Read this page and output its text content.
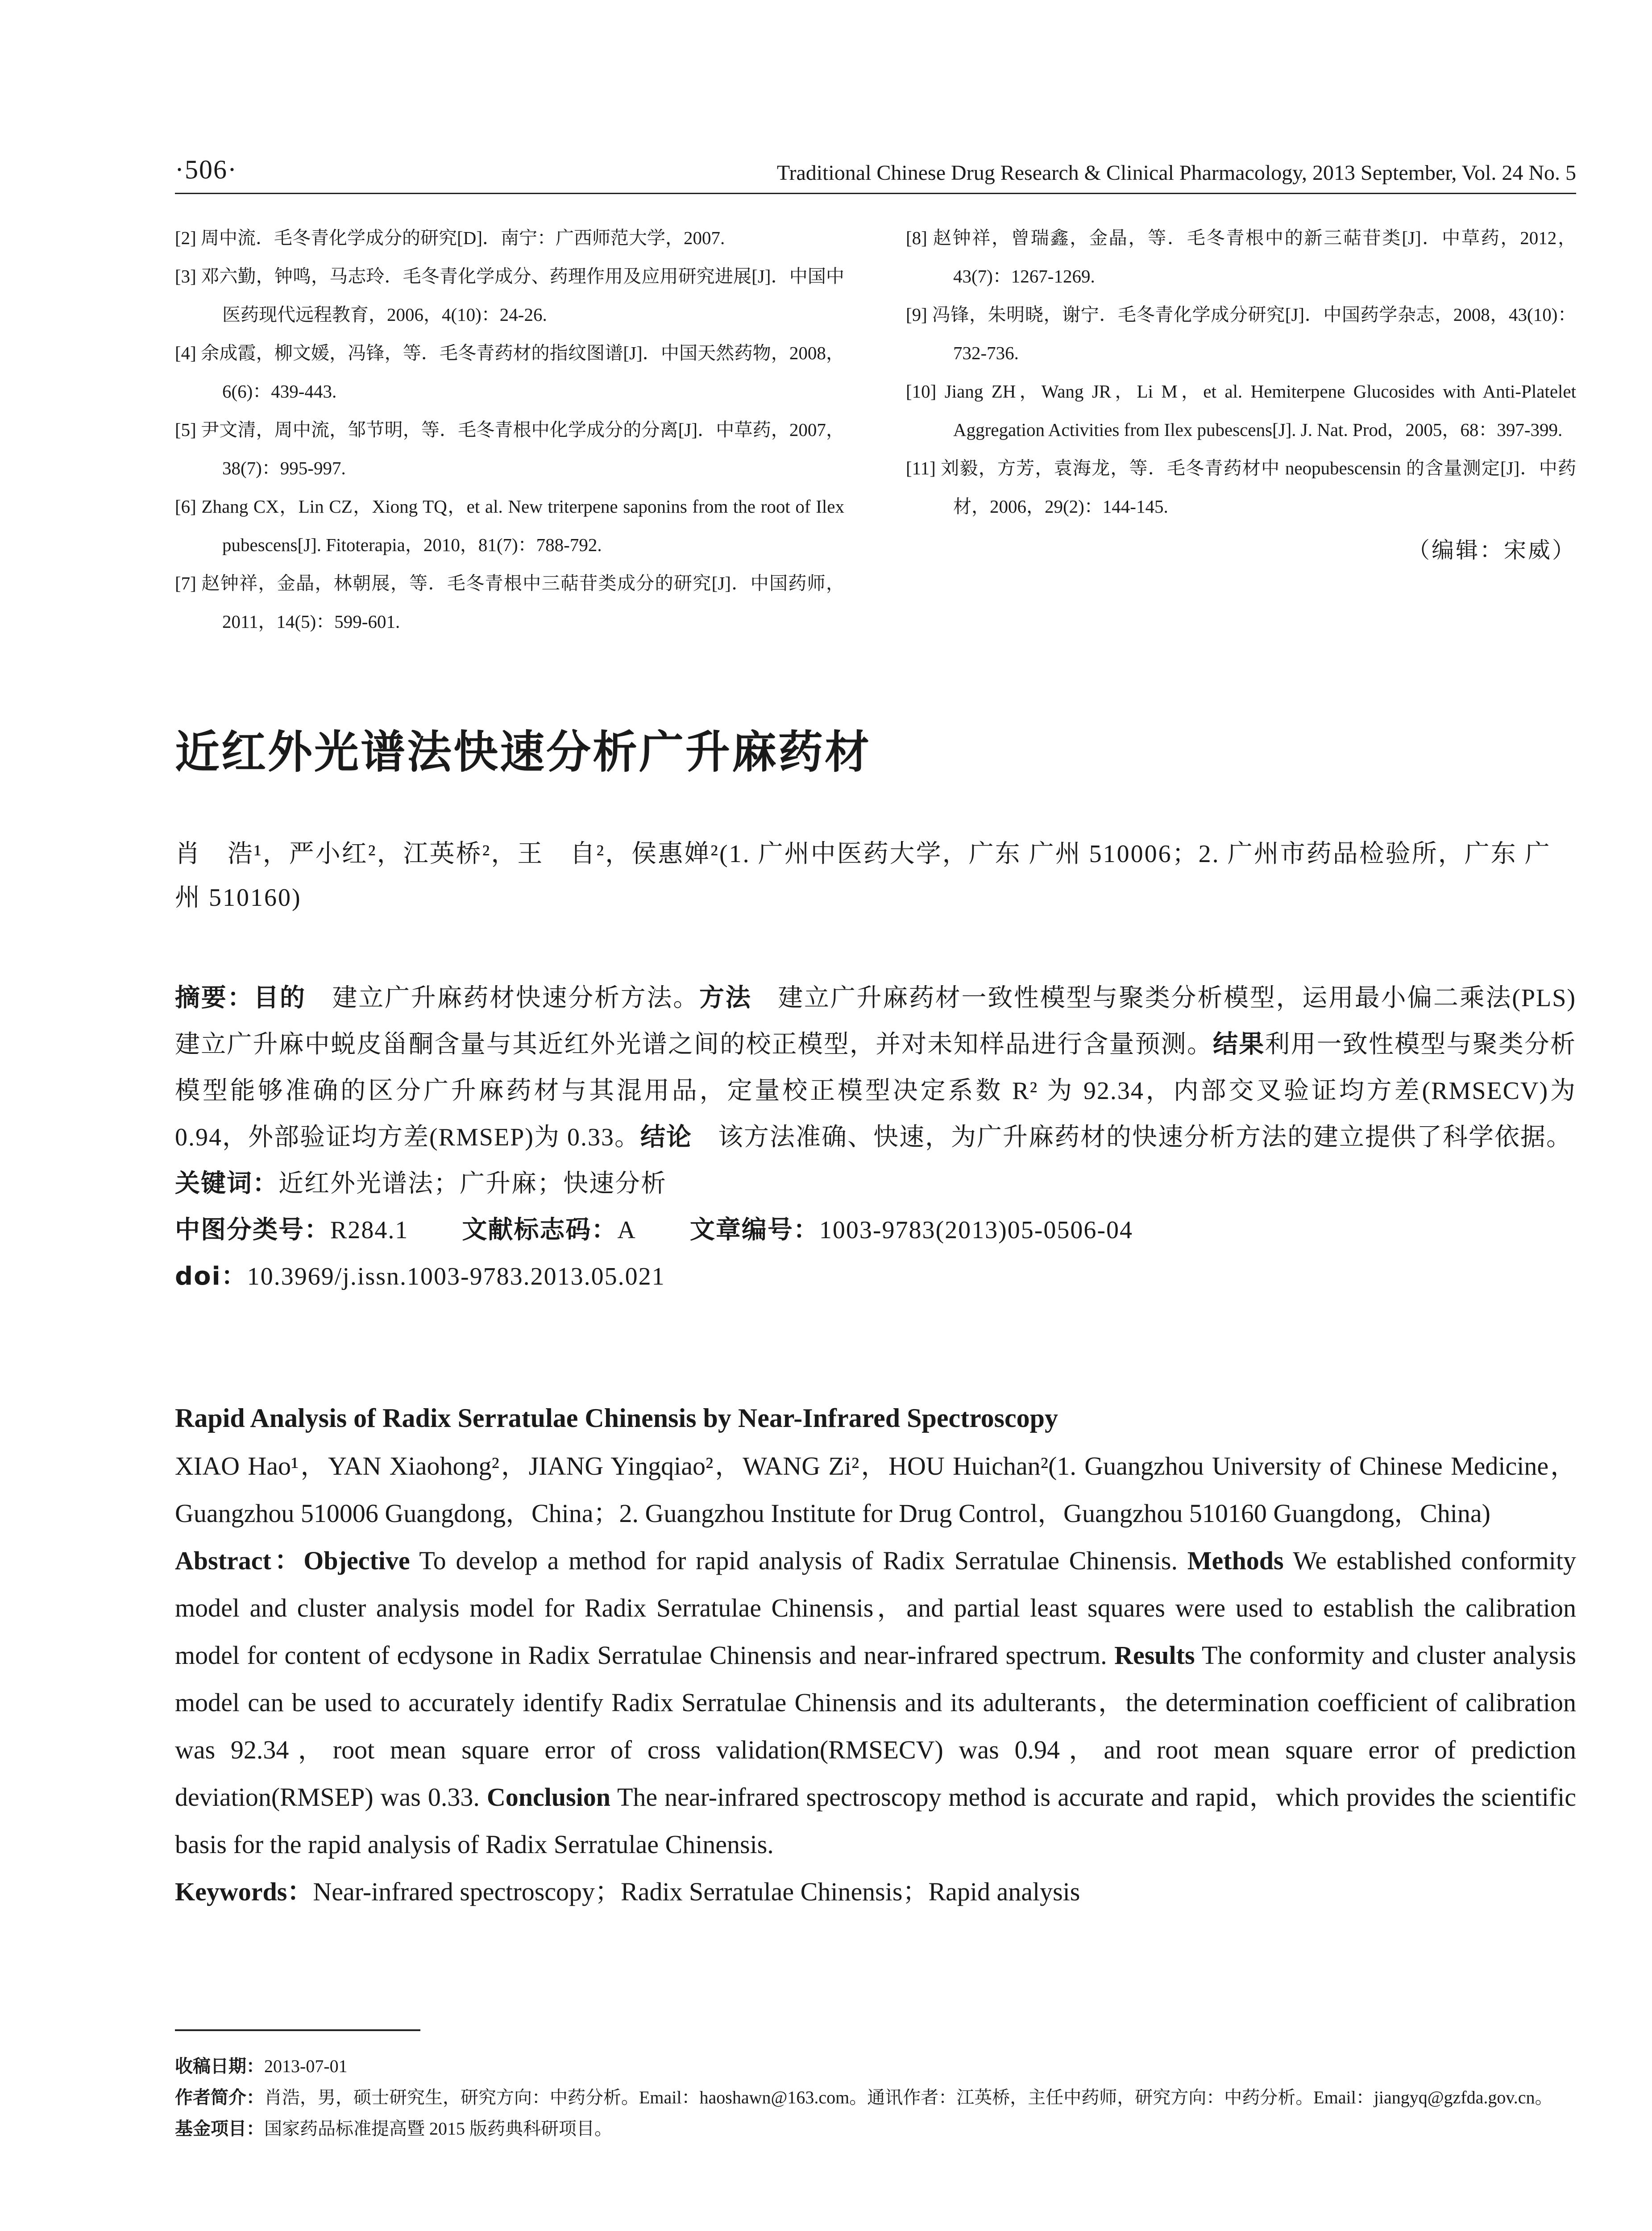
·506·	Traditional Chinese Drug Research & Clinical Pharmacology, 2013 September, Vol. 24 No. 5
[2] 周中流．毛冬青化学成分的研究[D]．南宁：广西师范大学，2007.
[3] 邓六勤，钟鸣，马志玲．毛冬青化学成分、药理作用及应用研究进展[J]．中国中医药现代远程教育，2006，4(10)：24-26.
[4] 余成霞，柳文媛，冯锋，等．毛冬青药材的指纹图谱[J]．中国天然药物，2008，6(6)：439-443.
[5] 尹文清，周中流，邹节明，等．毛冬青根中化学成分的分离[J]．中草药，2007，38(7)：995-997.
[6] Zhang CX，Lin CZ，Xiong TQ，et al. New triterpene saponins from the root of Ilex pubescens[J]. Fitoterapia，2010，81(7)：788-792.
[7] 赵钟祥，金晶，林朝展，等．毛冬青根中三萜苷类成分的研究[J]．中国药师，2011，14(5)：599-601.
[8] 赵钟祥，曾瑞鑫，金晶，等．毛冬青根中的新三萜苷类[J]．中草药，2012，43(7)：1267-1269.
[9] 冯锋，朱明晓，谢宁．毛冬青化学成分研究[J]．中国药学杂志，2008，43(10)：732-736.
[10] Jiang ZH，Wang JR，Li M，et al. Hemiterpene Glucosides with Anti-Platelet Aggregation Activities from Ilex pubescens[J]. J. Nat. Prod，2005，68：397-399.
[11] 刘毅，方芳，袁海龙，等．毛冬青药材中 neopubescensin 的含量测定[J]．中药材，2006，29(2)：144-145.
（编辑：宋威）
近红外光谱法快速分析广升麻药材
肖　浩¹，严小红²，江英桥²，王　自²，侯惠婵²(1. 广州中医药大学，广东 广州 510006；2. 广州市药品检验所，广东 广州 510160)
摘要：目的　建立广升麻药材快速分析方法。方法　建立广升麻药材一致性模型与聚类分析模型，运用最小偏二乘法(PLS)建立广升麻中蜕皮甾酮含量与其近红外光谱之间的校正模型，并对未知样品进行含量预测。结果利用一致性模型与聚类分析模型能够准确的区分广升麻药材与其混用品，定量校正模型决定系数 R² 为 92.34，内部交叉验证均方差(RMSECV)为 0.94，外部验证均方差(RMSEP)为 0.33。结论　该方法准确、快速，为广升麻药材的快速分析方法的建立提供了科学依据。
关键词：近红外光谱法；广升麻；快速分析
中图分类号：R284.1 文献标志码：A 文章编号：1003-9783(2013)05-0506-04
doi：10.3969/j.issn.1003-9783.2013.05.021
Rapid Analysis of Radix Serratulae Chinensis by Near-Infrared Spectroscopy
XIAO Hao¹，YAN Xiaohong²，JIANG Yingqiao²，WANG Zi²，HOU Huichan²(1. Guangzhou University of Chinese Medicine，Guangzhou 510006 Guangdong，China；2. Guangzhou Institute for Drug Control，Guangzhou 510160 Guangdong，China)
Abstract：Objective To develop a method for rapid analysis of Radix Serratulae Chinensis. Methods We established conformity model and cluster analysis model for Radix Serratulae Chinensis，and partial least squares were used to establish the calibration model for content of ecdysone in Radix Serratulae Chinensis and near-infrared spectrum. Results The conformity and cluster analysis model can be used to accurately identify Radix Serratulae Chinensis and its adulterants，the determination coefficient of calibration was 92.34，root mean square error of cross validation(RMSECV) was 0.94，and root mean square error of prediction deviation(RMSEP) was 0.33. Conclusion The near-infrared spectroscopy method is accurate and rapid，which provides the scientific basis for the rapid analysis of Radix Serratulae Chinensis.
Keywords：Near-infrared spectroscopy；Radix Serratulae Chinensis；Rapid analysis
收稿日期：2013-07-01
作者简介：肖浩，男，硕士研究生，研究方向：中药分析。Email：haoshawn@163.com。通讯作者：江英桥，主任中药师，研究方向：中药分析。Email：jiangyq@gzfda.gov.cn。
基金项目：国家药品标准提高暨 2015 版药典科研项目。
